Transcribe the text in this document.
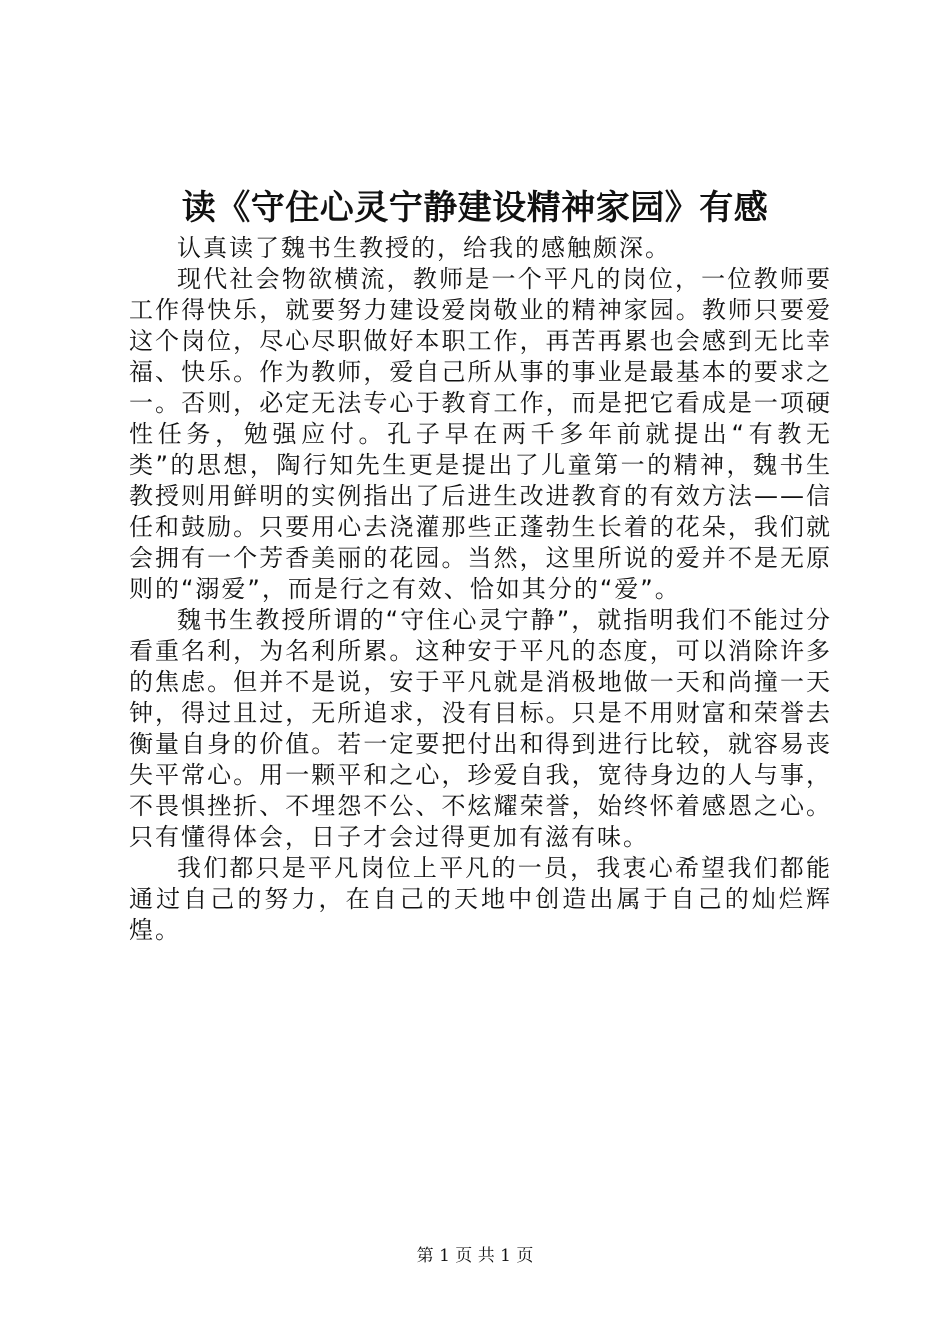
读《守住心灵宁静建设精神家园》有感

认真读了魏书生教授的，给我的感触颇深。

现代社会物欲横流，教师是一个平凡的岗位，一位教师要工作得快乐，就要努力建设爱岗敬业的精神家园。教师只要爱这个岗位，尽心尽职做好本职工作，再苦再累也会感到无比幸福、快乐。作为教师，爱自己所从事的事业是最基本的要求之一。否则，必定无法专心于教育工作，而是把它看成是一项硬性任务，勉强应付。孔子早在两千多年前就提出“有教无类”的思想，陶行知先生更是提出了儿童第一的精神，魏书生教授则用鲜明的实例指出了后进生改进教育的有效方法——信任和鼓励。只要用心去浇灌那些正蓬勃生长着的花朵，我们就会拥有一个芳香美丽的花园。当然，这里所说的爱并不是无原则的“溺爱”，而是行之有效、恰如其分的“爱”。

魏书生教授所谓的“守住心灵宁静”，就指明我们不能过分看重名利，为名利所累。这种安于平凡的态度，可以消除许多的焦虑。但并不是说，安于平凡就是消极地做一天和尚撞一天钟，得过且过，无所追求，没有目标。只是不用财富和荣誉去衡量自身的价值。若一定要把付出和得到进行比较，就容易丧失平常心。用一颗平和之心，珍爱自我，宽待身边的人与事，不畏惧挫折、不埋怨不公、不炫耀荣誉，始终怀着感恩之心。只有懂得体会，日子才会过得更加有滋有味。

我们都只是平凡岗位上平凡的一员，我衷心希望我们都能通过自己的努力，在自己的天地中创造出属于自己的灿烂辉煌。

第 1 页 共 1 页
